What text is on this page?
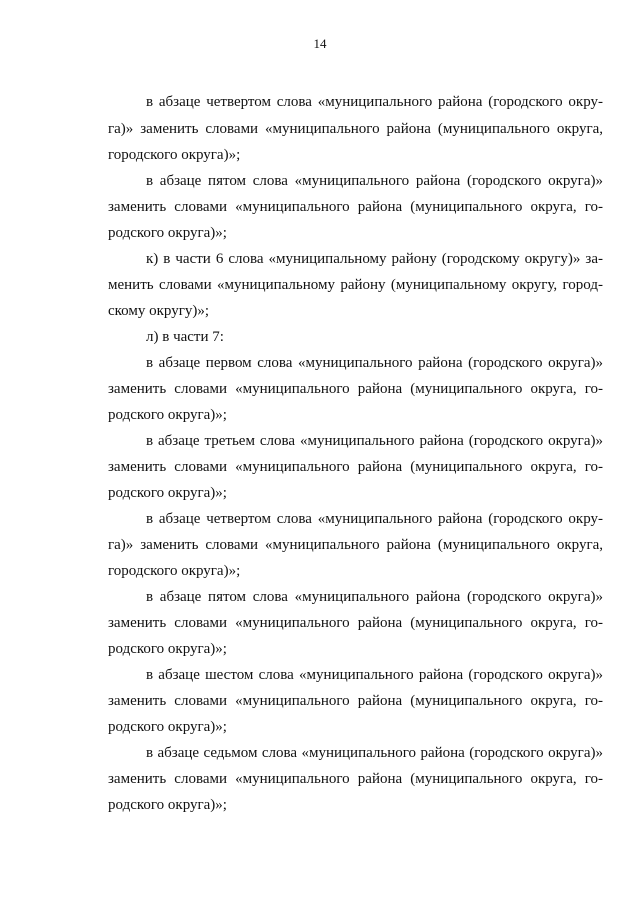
14
в абзаце четвертом слова «муниципального района (городского окру-
га)» заменить словами «муниципального района (муниципального округа,
городского округа)»;
в абзаце пятом слова «муниципального района (городского округа)»
заменить словами «муниципального района (муниципального округа, го-
родского округа)»;
к) в части 6 слова «муниципальному району (городскому округу)» за-
менить словами «муниципальному району (муниципальному округу, город-
скому округу)»;
л) в части 7:
в абзаце первом слова «муниципального района (городского округа)»
заменить словами «муниципального района (муниципального округа, го-
родского округа)»;
в абзаце третьем слова «муниципального района (городского округа)»
заменить словами «муниципального района (муниципального округа, го-
родского округа)»;
в абзаце четвертом слова «муниципального района (городского окру-
га)» заменить словами «муниципального района (муниципального округа,
городского округа)»;
в абзаце пятом слова «муниципального района (городского округа)»
заменить словами «муниципального района (муниципального округа, го-
родского округа)»;
в абзаце шестом слова «муниципального района (городского округа)»
заменить словами «муниципального района (муниципального округа, го-
родского округа)»;
в абзаце седьмом слова «муниципального района (городского округа)»
заменить словами «муниципального района (муниципального округа, го-
родского округа)»;
